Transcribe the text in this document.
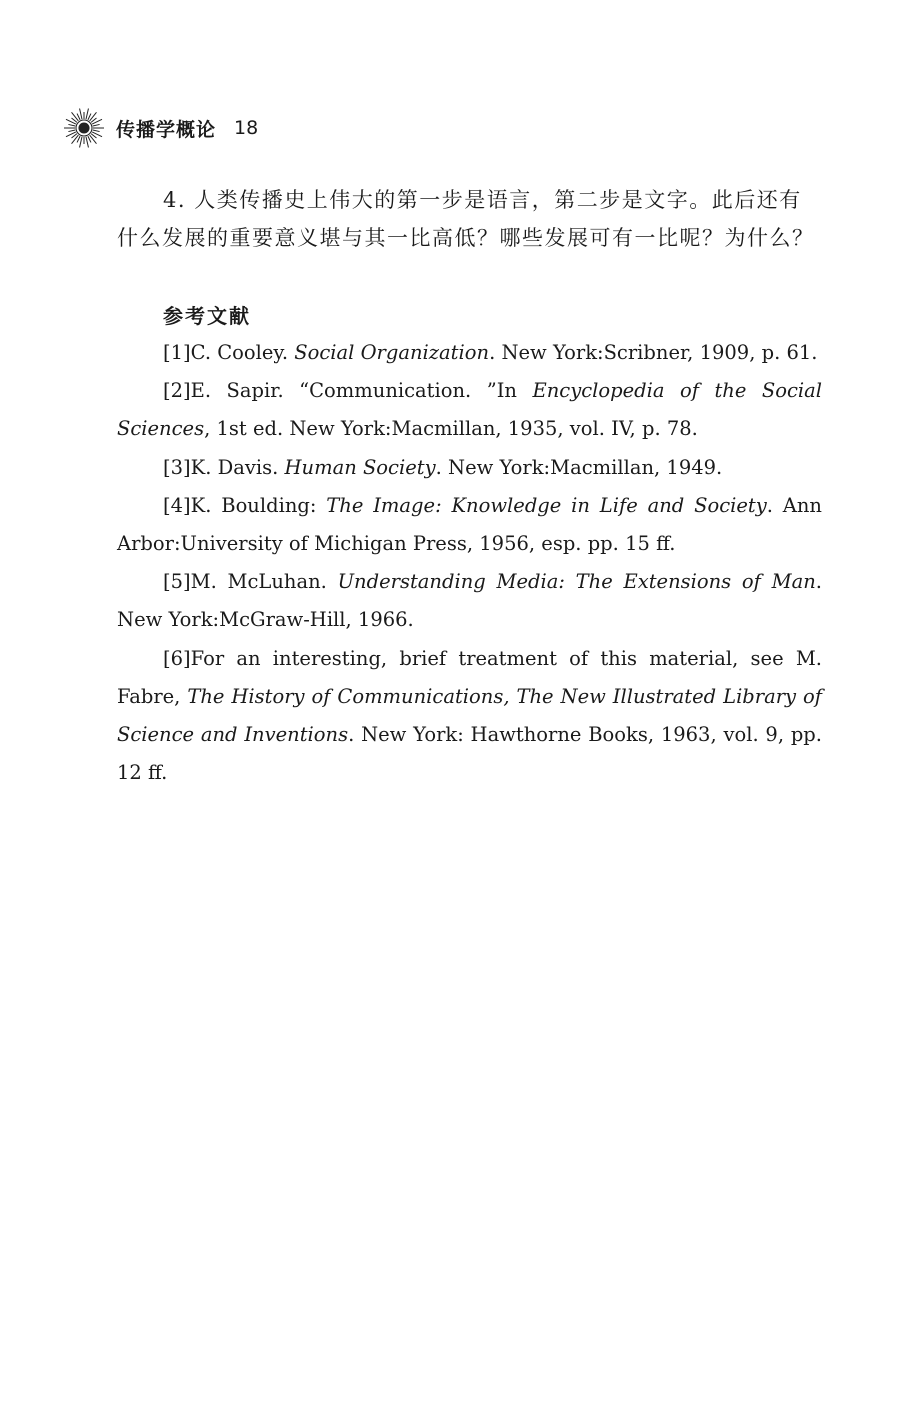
传播学概论 18
4. 人类传播史上伟大的第一步是语言，第二步是文字。此后还有
什么发展的重要意义堪与其一比高低？哪些发展可有一比呢？为什么？
参考文献

[1]C. Cooley. Social Organization. New York:Scribner, 1909, p. 61.

[2]E. Sapir. “Communication. ”In Encyclopedia of the Social Sciences, 1st ed. New York:Macmillan, 1935, vol. IV, p. 78.

[3]K. Davis. Human Society. New York:Macmillan, 1949.

[4]K. Boulding: The Image: Knowledge in Life and Society. Ann Arbor:University of Michigan Press, 1956, esp. pp. 15 ff.

[5]M. McLuhan. Understanding Media: The Extensions of Man. New York:McGraw-Hill, 1966.

[6]For an interesting, brief treatment of this material, see M. Fabre, The History of Communications, The New Illustrated Library of Science and Inventions. New York: Hawthorne Books, 1963, vol. 9, pp. 12 ff.
